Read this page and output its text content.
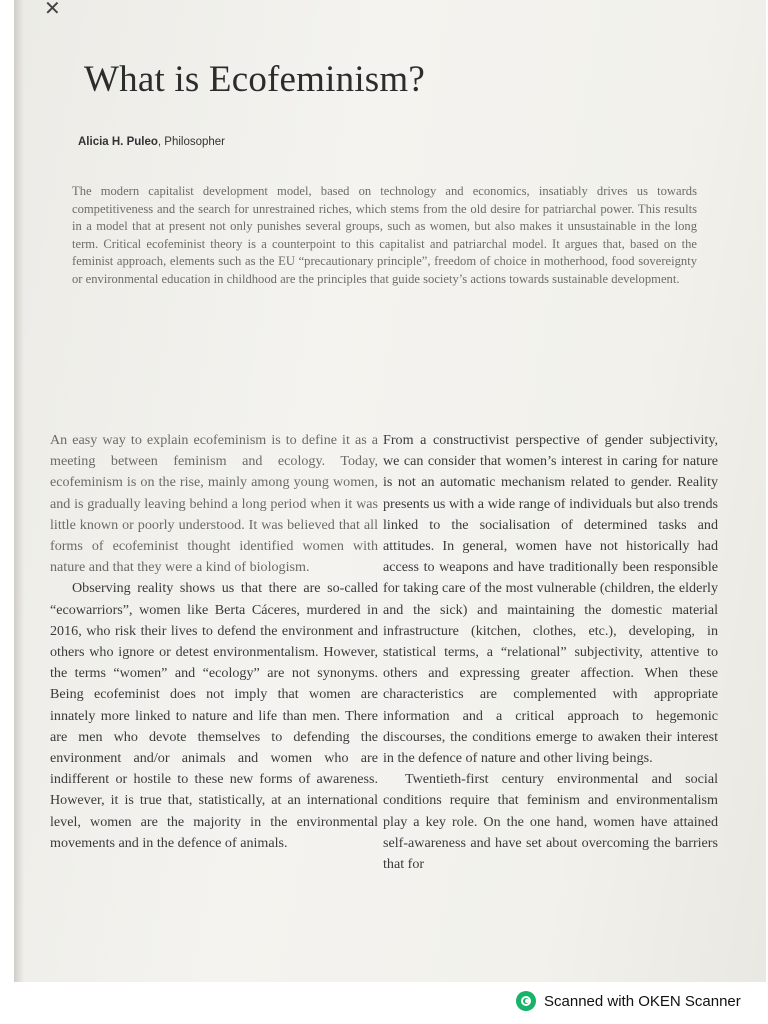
✕
What is Ecofeminism?

Alicia H. Puleo, Philosopher

The modern capitalist development model, based on technology and economics, insatiably drives us towards competitiveness and the search for unrestrained riches, which stems from the old desire for patriarchal power. This results in a model that at present not only punishes several groups, such as women, but also makes it unsustainable in the long term. Critical ecofeminist theory is a counterpoint to this capitalist and patriarchal model. It argues that, based on the feminist approach, elements such as the EU “precautionary principle”, freedom of choice in motherhood, food sovereignty or environmental education in childhood are the principles that guide society’s actions towards sustainable development.

An easy way to explain ecofeminism is to define it as a meeting between feminism and ecology. Today, ecofeminism is on the rise, mainly among young women, and is gradually leaving behind a long period when it was little known or poorly understood. It was believed that all forms of ecofeminist thought identified women with nature and that they were a kind of biologism.

Observing reality shows us that there are so-called “ecowarriors”, women like Berta Cáceres, murdered in 2016, who risk their lives to defend the environment and others who ignore or detest environmentalism. However, the terms “women” and “ecology” are not synonyms. Being ecofeminist does not imply that women are innately more linked to nature and life than men. There are men who devote themselves to defending the environment and/or animals and women who are indifferent or hostile to these new forms of awareness. However, it is true that, statistically, at an international level, women are the majority in the environmental movements and in the defence of animals.

From a constructivist perspective of gender subjectivity, we can consider that women’s interest in caring for nature is not an automatic mechanism related to gender. Reality presents us with a wide range of individuals but also trends linked to the socialisation of determined tasks and attitudes. In general, women have not historically had access to weapons and have traditionally been responsible for taking care of the most vulnerable (children, the elderly and the sick) and maintaining the domestic material infrastructure (kitchen, clothes, etc.), developing, in statistical terms, a “relational” subjectivity, attentive to others and expressing greater affection. When these characteristics are complemented with appropriate information and a critical approach to hegemonic discourses, the conditions emerge to awaken their interest in the defence of nature and other living beings.

Twentieth-first century environmental and social conditions require that feminism and environmentalism play a key role. On the one hand, women have attained self-awareness and have set about overcoming the barriers that for

Scanned with OKEN Scanner
